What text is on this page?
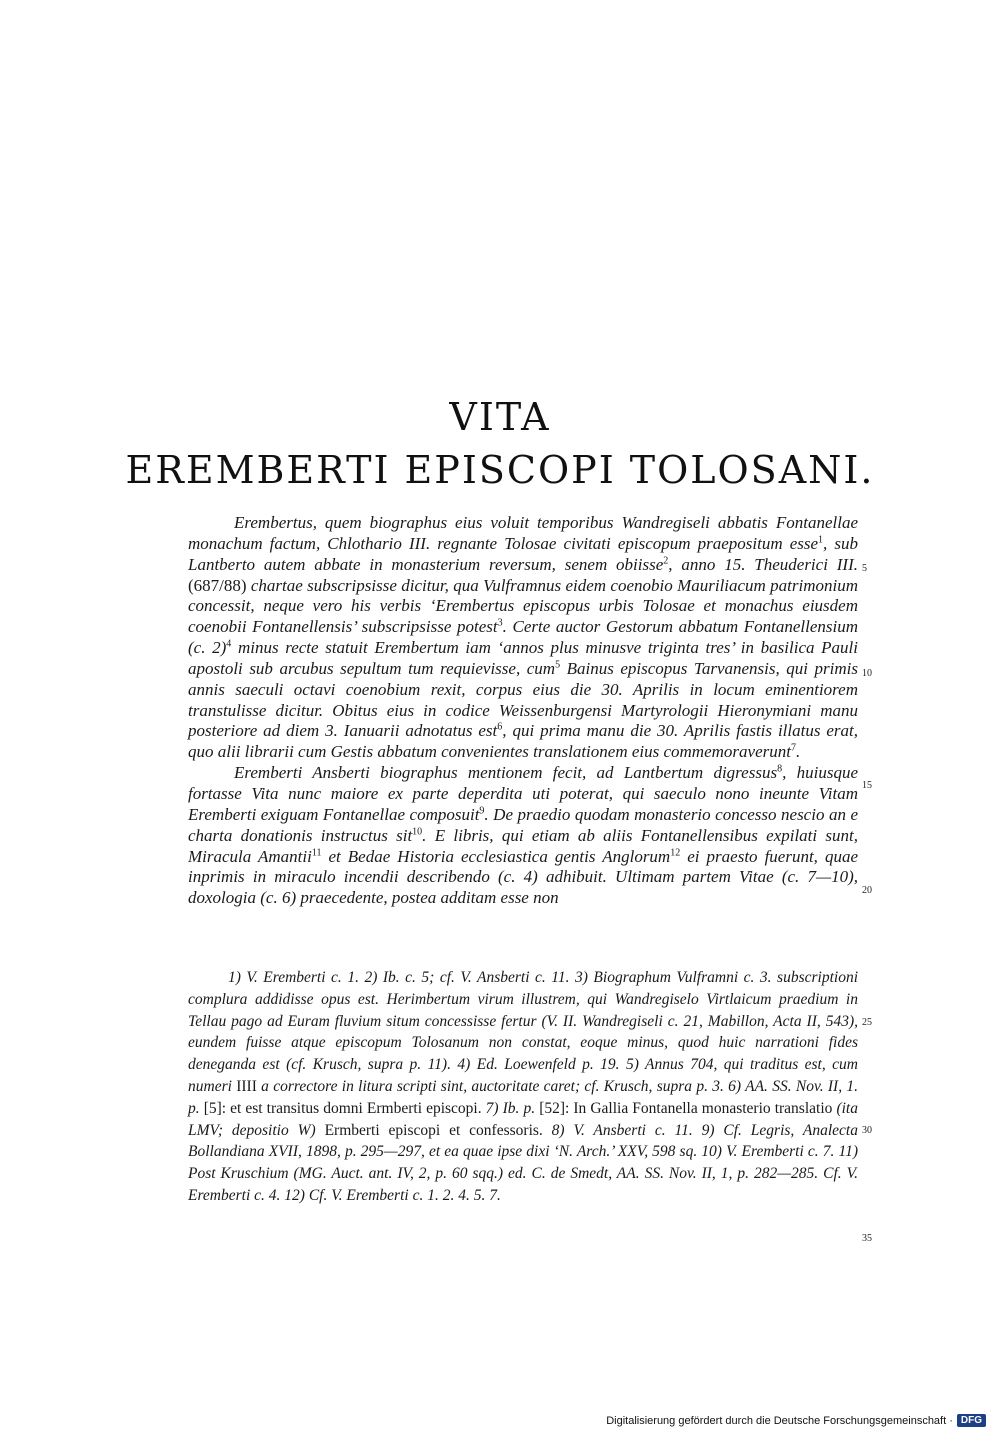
VITA
EREMBERTI EPISCOPI TOLOSANI.

Erembertus, quem biographus eius voluit temporibus Wandregiseli abbatis Fontanellae monachum factum, Chlothario III. regnante Tolosae civitati episcopum praepositum esse$^1$, sub Lantberto autem abbate in monasterium reversum, senem obiisse$^2$, anno 15. Theuderici III. (687/88) chartae subscripsisse dicitur, qua Vulframnus eidem coenobio Mauriliacum patrimonium concessit, neque vero his verbis ‘Erembertus episcopus urbis Tolosae et monachus eiusdem coenobii Fontanellensis’ subscripsisse potest$^3$. Certe auctor Gestorum abbatum Fontanellensium (c. 2)$^4$ minus recte statuit Erembertum iam ‘annos plus minusve triginta tres’ in basilica Pauli apostoli sub arcubus sepultum tum requievisse, cum$^5$ Bainus episcopus Tarvanensis, qui primis annis saeculi octavi coenobium rexit, corpus eius die 30. Aprilis in locum eminentiorem transtulisse dicitur. Obitus eius in codice Weissenburgensi Martyrologii Hieronymiani manu posteriore ad diem 3. Ianuarii adnotatus est$^6$, qui prima manu die 30. Aprilis fastis illatus erat, quo alii librarii cum Gestis abbatum convenientes translationem eius commemoraverunt$^7$.

Eremberti Ansberti biographus mentionem fecit, ad Lantbertum digressus$^8$, huiusque fortasse Vita nunc maiore ex parte deperdita uti poterat, qui saeculo nono ineunte Vitam Eremberti exiguam Fontanellae composuit$^9$. De praedio quodam monasterio concesso nescio an e charta donationis instructus sit$^{10}$. E libris, qui etiam ab aliis Fontanellensibus expilati sunt, Miracula Amantii$^{11}$ et Bedae Historia ecclesiastica gentis Anglorum$^{12}$ ei praesto fuerunt, quae inprimis in miraculo incendii describendo (c. 4) adhibuit. Ultimam partem Vitae (c. 7—10), doxologia (c. 6) praecedente, postea additam esse non

1) V. Eremberti c. 1. 2) Ib. c. 5; cf. V. Ansberti c. 11. 3) Biographum Vulframni c. 3. subscriptioni complura addidisse opus est. Herimbertum virum illustrem, qui Wandregiselo Virtlaicum praedium in Tellau pago ad Euram fluvium situm concessisse fertur (V. II. Wandregiseli c. 21, Mabillon, Acta II, 543), eundem fuisse atque episcopum Tolosanum non constat, eoque minus, quod huic narrationi fides deneganda est (cf. Krusch, supra p. 11). 4) Ed. Loewenfeld p. 19. 5) Annus 704, qui traditus est, cum numeri IIII a correctore in litura scripti sint, auctoritate caret; cf. Krusch, supra p. 3. 6) AA. SS. Nov. II, 1. p. [5]: et est transitus domni Ermberti episcopi. 7) Ib. p. [52]: In Gallia Fontanella monasterio translatio (ita LMV; depositio W) Ermberti episcopi et confessoris. 8) V. Ansberti c. 11. 9) Cf. Legris, Analecta Bollandiana XVII, 1898, p. 295—297, et ea quae ipse dixi ‘N. Arch.’ XXV, 598 sq. 10) V. Eremberti c. 7. 11) Post Kruschium (MG. Auct. ant. IV, 2, p. 60 sqq.) ed. C. de Smedt, AA. SS. Nov. II, 1, p. 282—285. Cf. V. Eremberti c. 4. 12) Cf. V. Eremberti c. 1. 2. 4. 5. 7.

5
10
15
20
25
30
35
Digitalisierung gefördert durch die Deutsche Forschungsgemeinschaft · DFG
